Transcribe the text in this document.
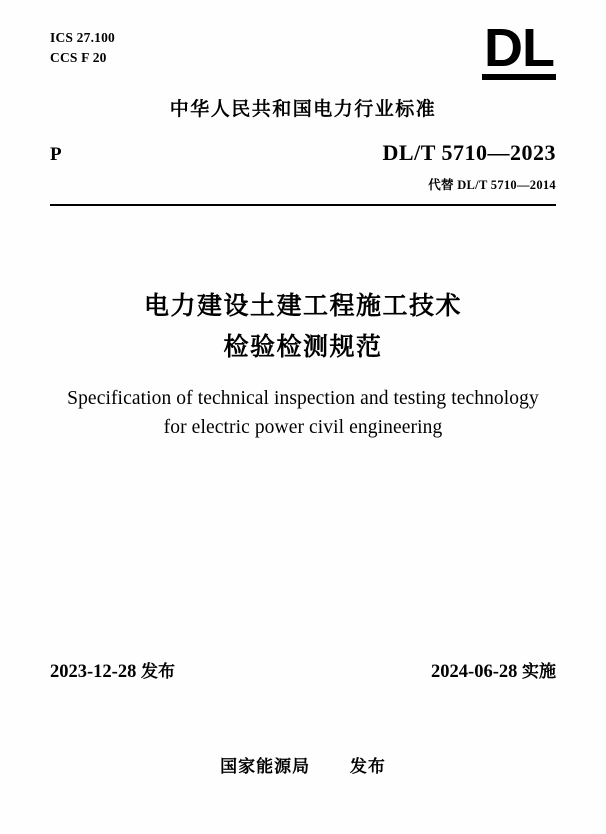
ICS 27.100
CCS F 20	DL
中华人民共和国电力行业标准
P	DL/T 5710—2023
代替 DL/T 5710—2014
电力建设土建工程施工技术
检验检测规范
Specification of technical inspection and testing technology
for electric power civil engineering
2023-12-28 发布	2024-06-28 实施
国家能源局 发布
